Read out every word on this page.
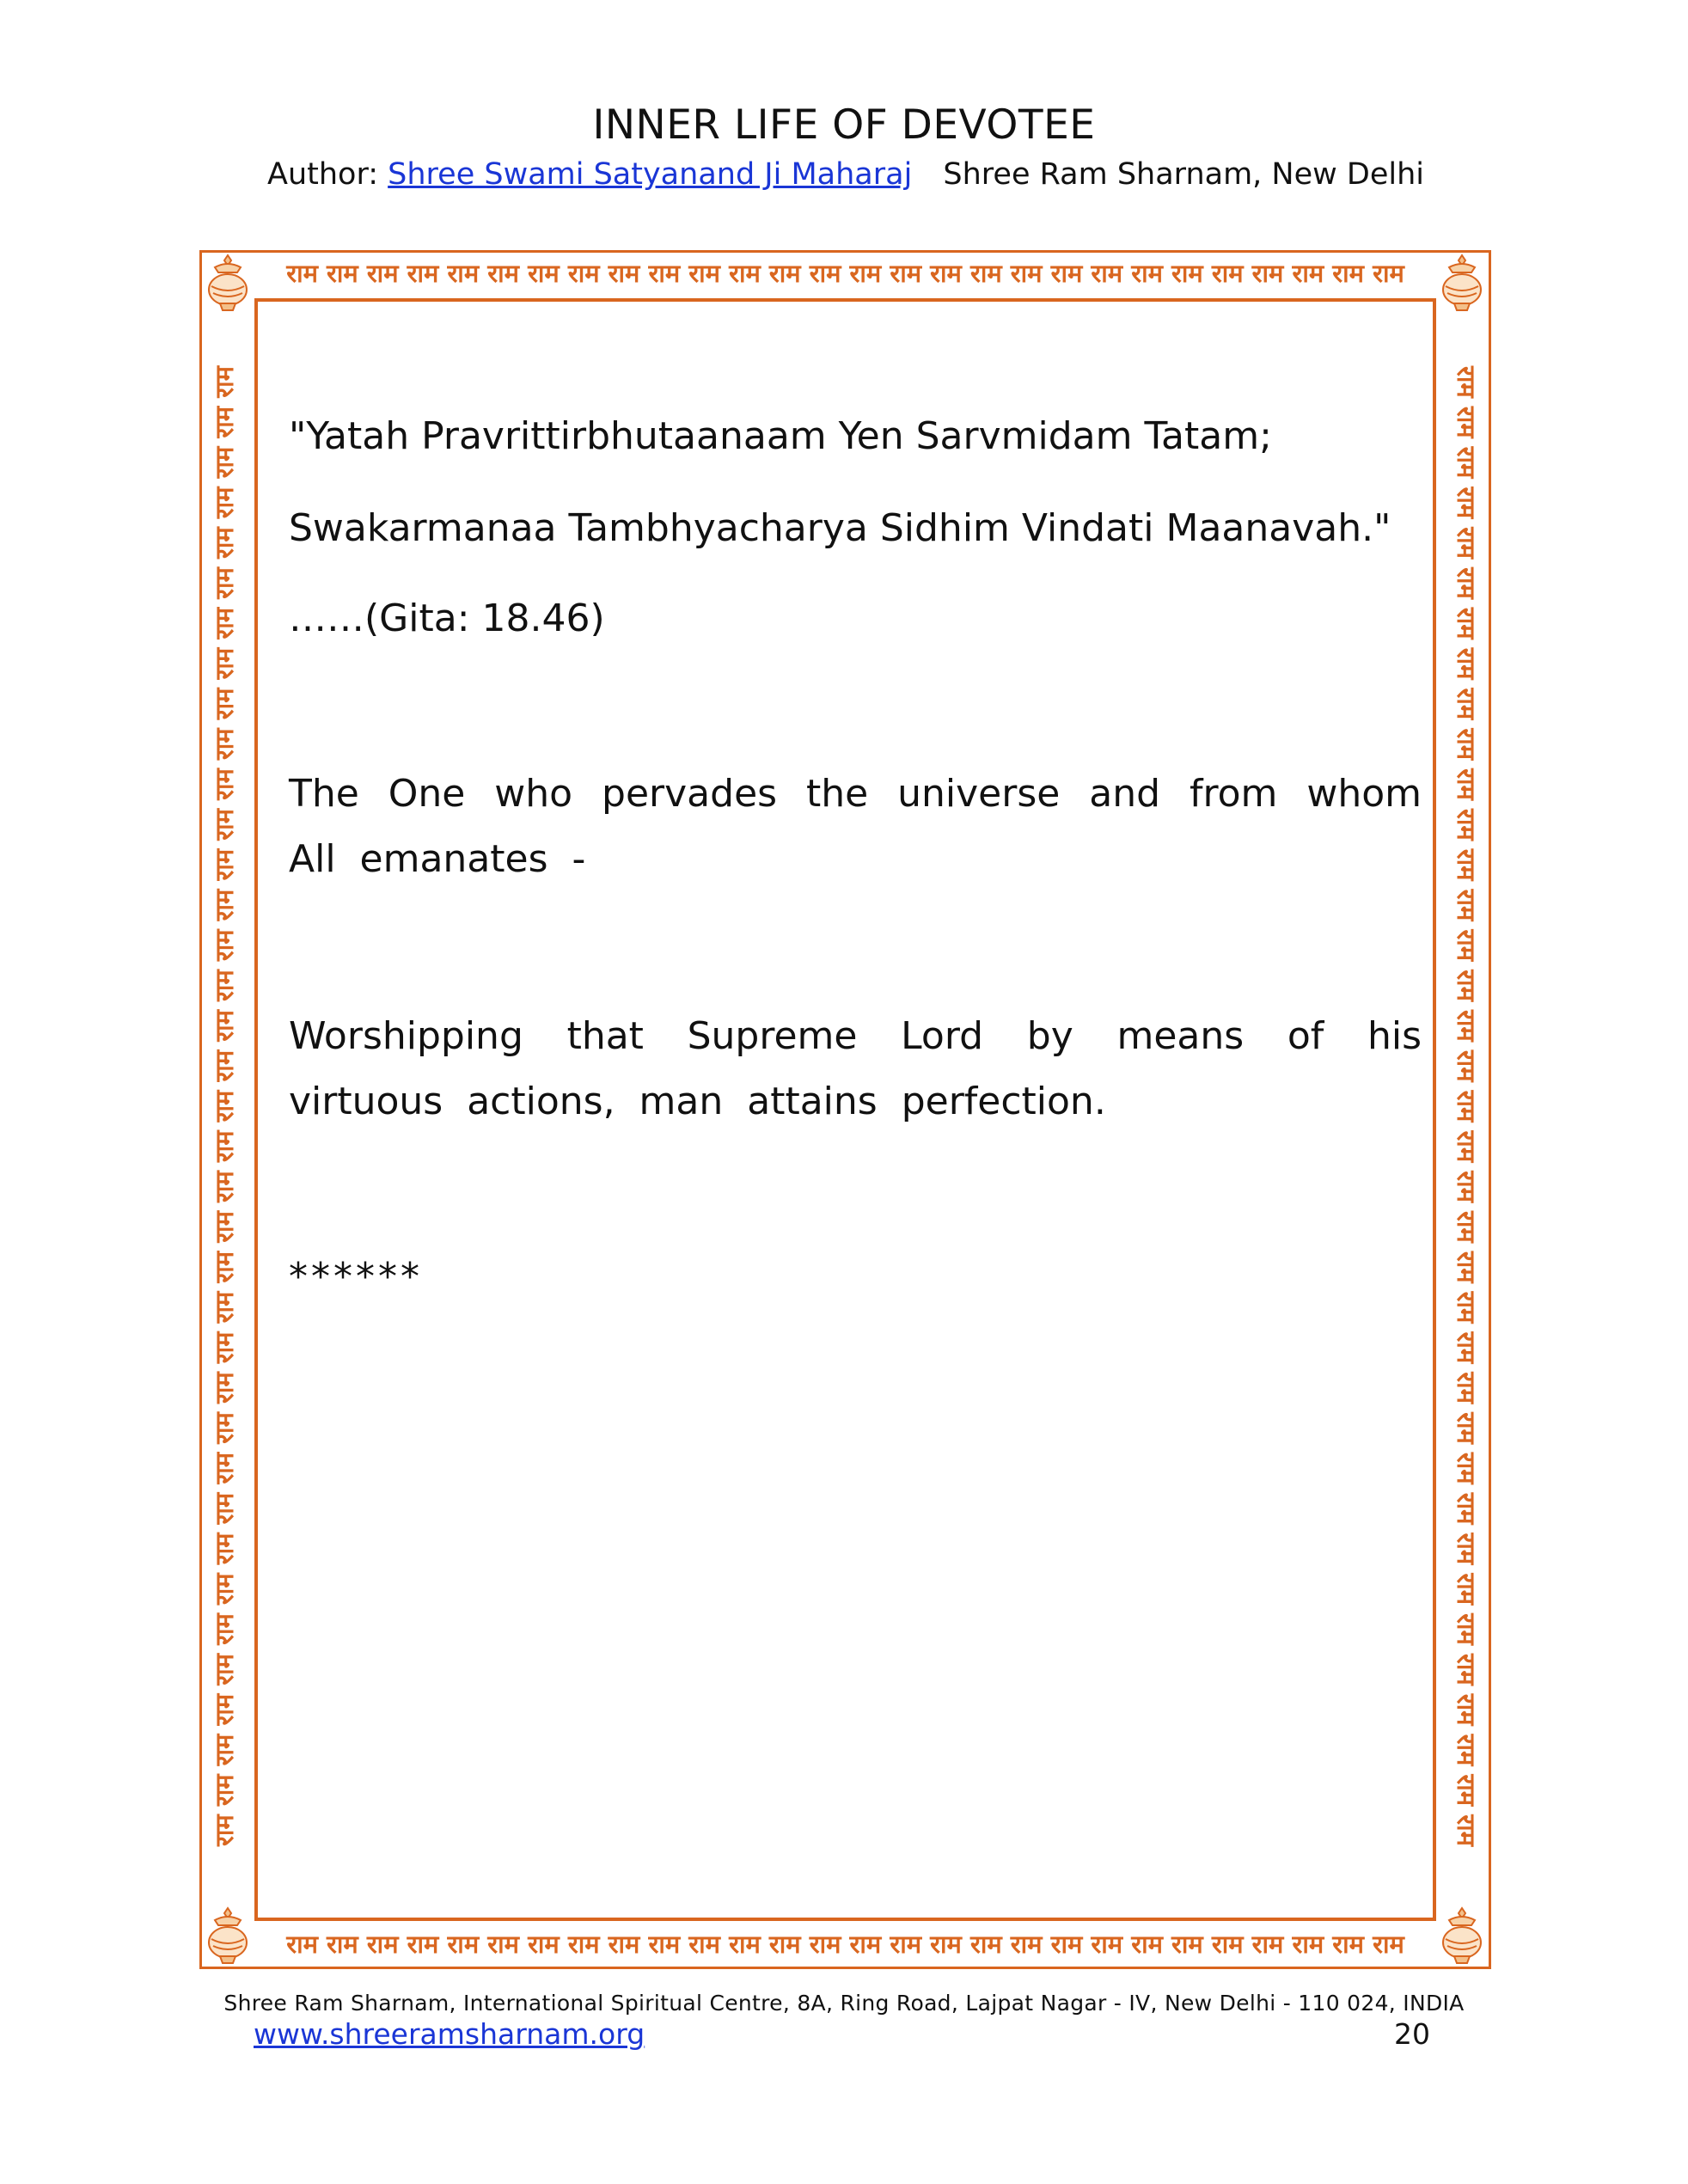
INNER LIFE OF DEVOTEE
Author: Shree Swami Satyanand Ji Maharaj Shree Ram Sharnam, New Delhi
राम राम राम राम राम राम राम राम राम राम राम राम राम राम राम राम राम राम राम राम राम राम राम राम राम राम राम राम
राम राम राम राम राम राम राम राम राम राम राम राम राम राम राम राम राम राम राम राम राम राम राम राम राम राम राम राम
राम राम राम राम राम राम राम राम राम राम राम राम राम राम राम राम राम राम राम राम राम राम राम राम राम राम राम राम राम राम राम राम राम राम राम राम राम	राम राम राम राम राम राम राम राम राम राम राम राम राम राम राम राम राम राम राम राम राम राम राम राम राम राम राम राम राम राम राम राम राम राम राम राम राम
"Yatah Pravrittirbhutaanaam Yen Sarvmidam Tatam;
Swakarmanaa Tambhyacharya Sidhim Vindati Maanavah."
……(Gita: 18.46)
The One who pervades the universe and from whom All emanates -
Worshipping that Supreme Lord by means of his virtuous actions, man attains perfection.
******
Shree Ram Sharnam, International Spiritual Centre, 8A, Ring Road, Lajpat Nagar - IV, New Delhi - 110 024, INDIA
www.shreeramsharnam.org	20
